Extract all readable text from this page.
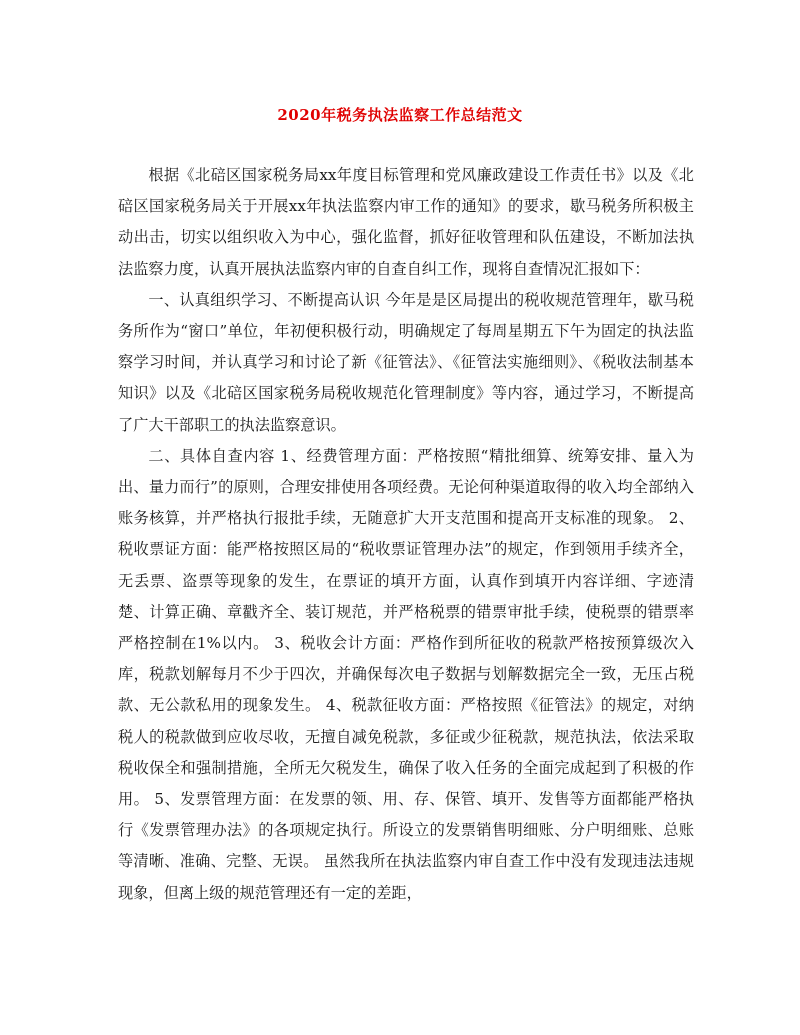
2020年税务执法监察工作总结范文

根据《北碚区国家税务局xx年度目标管理和党风廉政建设工作责任书》以及《北碚区国家税务局关于开展xx年执法监察内审工作的通知》的要求，歇马税务所积极主动出击，切实以组织收入为中心，强化监督，抓好征收管理和队伍建设，不断加法执法监察力度，认真开展执法监察内审的自查自纠工作，现将自查情况汇报如下：

一、认真组织学习、不断提高认识 今年是是区局提出的税收规范管理年，歇马税务所作为“窗口”单位，年初便积极行动，明确规定了每周星期五下午为固定的执法监察学习时间，并认真学习和讨论了新《征管法》、《征管法实施细则》、《税收法制基本知识》以及《北碚区国家税务局税收规范化管理制度》等内容，通过学习，不断提高了广大干部职工的执法监察意识。

二、具体自查内容 1、经费管理方面：严格按照“精批细算、统筹安排、量入为出、量力而行”的原则，合理安排使用各项经费。无论何种渠道取得的收入均全部纳入账务核算，并严格执行报批手续，无随意扩大开支范围和提高开支标准的现象。 2、税收票证方面：能严格按照区局的“税收票证管理办法”的规定，作到领用手续齐全，无丢票、盗票等现象的发生，在票证的填开方面，认真作到填开内容详细、字迹清楚、计算正确、章戳齐全、装订规范，并严格税票的错票审批手续，使税票的错票率严格控制在1%以内。 3、税收会计方面：严格作到所征收的税款严格按预算级次入库，税款划解每月不少于四次，并确保每次电子数据与划解数据完全一致，无压占税款、无公款私用的现象发生。 4、税款征收方面：严格按照《征管法》的规定，对纳税人的税款做到应收尽收，无擅自减免税款，多征或少征税款，规范执法，依法采取税收保全和强制措施，全所无欠税发生，确保了收入任务的全面完成起到了积极的作用。 5、发票管理方面：在发票的领、用、存、保管、填开、发售等方面都能严格执行《发票管理办法》的各项规定执行。所设立的发票销售明细账、分户明细账、总账等清晰、准确、完整、无误。 虽然我所在执法监察内审自查工作中没有发现违法违规现象，但离上级的规范管理还有一定的差距，
